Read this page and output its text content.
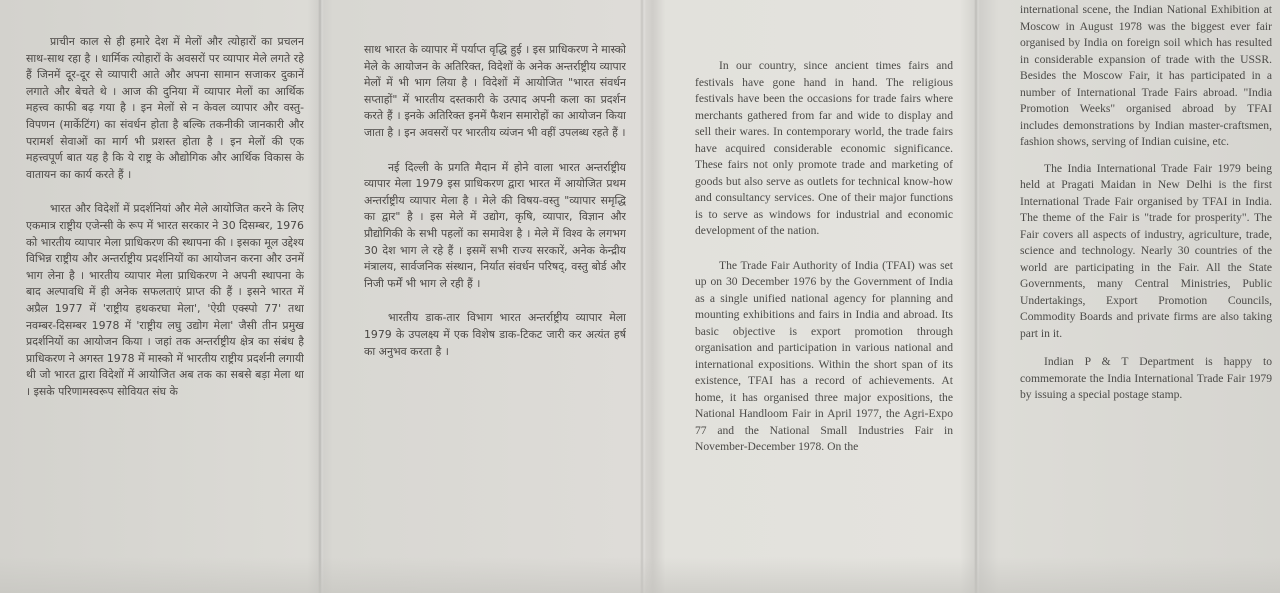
प्राचीन काल से ही हमारे देश में मेलों और त्योहारों का प्रचलन साथ-साथ रहा है । धार्मिक त्योहारों के अवसरों पर व्यापार मेले लगते रहे हैं जिनमें दूर-दूर से व्यापारी आते और अपना सामान सजाकर दुकानें लगाते और बेचते थे । आज की दुनिया में व्यापार मेलों का आर्थिक महत्त्व काफी बढ़ गया है । इन मेलों से न केवल व्यापार और वस्तु-विपणन (मार्केटिंग) का संवर्धन होता है बल्कि तकनीकी जानकारी और परामर्श सेवाओं का मार्ग भी प्रशस्त होता है । इन मेलों की एक महत्त्वपूर्ण बात यह है कि ये राष्ट्र के औद्योगिक और आर्थिक विकास के वातायन का कार्य करते हैं ।

भारत और विदेशों में प्रदर्शनियां और मेले आयोजित करने के लिए एकमात्र राष्ट्रीय एजेन्सी के रूप में भारत सरकार ने 30 दिसम्बर, 1976 को भारतीय व्यापार मेला प्राधिकरण की स्थापना की । इसका मूल उद्देश्य विभिन्न राष्ट्रीय और अन्तर्राष्ट्रीय प्रदर्शनियों का आयोजन करना और उनमें भाग लेना है । भारतीय व्यापार मेला प्राधिकरण ने अपनी स्थापना के बाद अल्पावधि में ही अनेक सफलताएं प्राप्त की हैं । इसने भारत में अप्रैल 1977 में 'राष्ट्रीय हथकरघा मेला', 'ऐग्री एक्स्पो 77' तथा नवम्बर-दिसम्बर 1978 में 'राष्ट्रीय लघु उद्योग मेला' जैसी तीन प्रमुख प्रदर्शनियों का आयोजन किया । जहां तक अन्तर्राष्ट्रीय क्षेत्र का संबंध है प्राधिकरण ने अगस्त 1978 में मास्को में भारतीय राष्ट्रीय प्रदर्शनी लगायी थी जो भारत द्वारा विदेशों में आयोजित अब तक का सबसे बड़ा मेला था । इसके परिणामस्वरूप सोवियत संघ के

साथ भारत के व्यापार में पर्याप्त वृद्धि हुई । इस प्राधिकरण ने मास्को मेले के आयोजन के अतिरिक्त, विदेशों के अनेक अन्तर्राष्ट्रीय व्यापार मेलों में भी भाग लिया है । विदेशों में आयोजित "भारत संवर्धन सप्ताहों" में भारतीय दस्तकारी के उत्पाद अपनी कला का प्रदर्शन करते हैं । इनके अतिरिक्त इनमें फैशन समारोहों का आयोजन किया जाता है । इन अवसरों पर भारतीय व्यंजन भी वहीं उपलब्ध रहते हैं ।

नई दिल्ली के प्रगति मैदान में होने वाला भारत अन्तर्राष्ट्रीय व्यापार मेला 1979 इस प्राधिकरण द्वारा भारत में आयोजित प्रथम अन्तर्राष्ट्रीय व्यापार मेला है । मेले की विषय-वस्तु "व्यापार समृद्धि का द्वार" है । इस मेले में उद्योग, कृषि, व्यापार, विज्ञान और प्रौद्योगिकी के सभी पहलों का समावेश है । मेले में विश्व के लगभग 30 देश भाग ले रहे हैं । इसमें सभी राज्य सरकारें, अनेक केन्द्रीय मंत्रालय, सार्वजनिक संस्थान, निर्यात संवर्धन परिषद्, वस्तु बोर्ड और निजी फर्में भी भाग ले रही हैं ।

भारतीय डाक-तार विभाग भारत अन्तर्राष्ट्रीय व्यापार मेला 1979 के उपलक्ष्य में एक विशेष डाक-टिकट जारी कर अत्यंत हर्ष का अनुभव करता है ।

In our country, since ancient times fairs and festivals have gone hand in hand. The religious festivals have been the occasions for trade fairs where merchants gathered from far and wide to display and sell their wares. In contemporary world, the trade fairs have acquired considerable economic significance. These fairs not only promote trade and marketing of goods but also serve as outlets for technical know-how and consultancy services. One of their major functions is to serve as windows for industrial and economic development of the nation.

The Trade Fair Authority of India (TFAI) was set up on 30 December 1976 by the Government of India as a single unified national agency for planning and mounting exhibitions and fairs in India and abroad. Its basic objective is export promotion through organisation and participation in various national and international expositions. Within the short span of its existence, TFAI has a record of achievements. At home, it has organised three major expositions, the National Handloom Fair in April 1977, the Agri-Expo 77 and the National Small Industries Fair in November-December 1978. On the

international scene, the Indian National Exhibition at Moscow in August 1978 was the biggest ever fair organised by India on foreign soil which has resulted in considerable expansion of trade with the USSR. Besides the Moscow Fair, it has participated in a number of International Trade Fairs abroad. "India Promotion Weeks" organised abroad by TFAI includes demonstrations by Indian master-craftsmen, fashion shows, serving of Indian cuisine, etc.

The India International Trade Fair 1979 being held at Pragati Maidan in New Delhi is the first International Trade Fair organised by TFAI in India. The theme of the Fair is "trade for prosperity". The Fair covers all aspects of industry, agriculture, trade, science and technology. Nearly 30 countries of the world are participating in the Fair. All the State Governments, many Central Ministries, Public Undertakings, Export Promotion Councils, Commodity Boards and private firms are also taking part in it.

Indian P & T Department is happy to commemorate the India International Trade Fair 1979 by issuing a special postage stamp.
